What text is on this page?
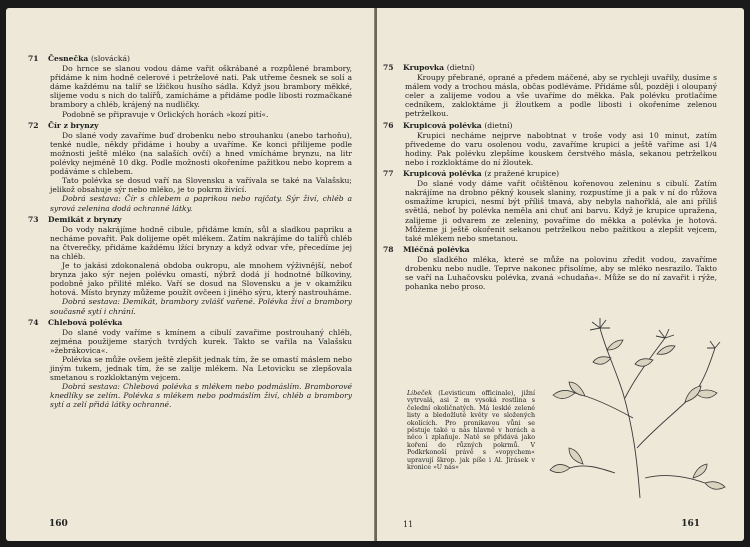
71 Česnečka (slovácká)

Do hrnce se slanou vodou dáme vařit oškrábané a rozpůlené brambory, přidáme k nim hodně celerové i petrželové nati. Pak utřeme česnek se solí a dáme každému na talíř se lžičkou husího sádla. Když jsou brambory měkké, slijeme vodu s nich do talířů, zamícháme a přidáme podle libosti rozmačkané brambory a chléb, krájený na nudličky.

Podobně se připravuje v Orlických horách »kozí pití«.

72 Čír z brynzy

Do slané vody zavaříme buď drobenku nebo strouhanku (anebo tarhoňu), tenké nudle, někdy přidáme i houby a uvaříme. Ke konci přilijeme podle možnosti ještě mléko (na salaších ovčí) a hned vmícháme brynzu, na litr polévky nejméně 10 dkg. Podle možnosti okořeníme pažitkou nebo koprem a podáváme s chlebem.

Tato polévka se dosud vaří na Slovensku a vařívala se také na Valašsku; jelikož obsahuje sýr nebo mléko, je to pokrm živící.

Dobrá sestava: Čír s chlebem a paprikou nebo rajčaty. Sýr živí, chléb a syrová zelenina dodá ochranné látky.

73 Demikát z brynzy

Do vody nakrájíme hodně cibule, přidáme kmín, sůl a sladkou papriku a necháme povařit. Pak dolijeme opět mlékem. Zatím nakrájíme do talířů chléb na čtverečky, přidáme každému lžíci brynzy a když odvar vře, přecedíme jej na chléb.

Je to jakási zdokonalená obdoba oukropu, ale mnohem výživnější, neboť brynza jako sýr nejen polévku omastí, nýbrž dodá jí hodnotné bílkoviny, podobně jako přilité mléko. Vaří se dosud na Slovensku a je v okamžiku hotová. Místo brynzy můžeme použít ovčeen i jiného sýru, který nastrouháme.

Dobrá sestava: Demikát, brambory zvlášť vařené. Polévka živí a brambory současně sytí i chrání.

74 Chlebová polévka

Do slané vody vaříme s kmínem a cibulí zavařime postrouhaný chléb, zejména použijeme starých tvrdých kurek. Takto se vařila na Valašsku »žebrákovica«.

Polévka se může ovšem ještě zlepšit jednak tím, že se omastí máslem nebo jiným tukem, jednak tím, že se zalije mlékem. Na Letovicku se zlepšovala smetanou s rozkloktaným vejcem.

Dobrá sestava: Chlebová polévka s mlékem nebo podmáslím. Bramborové knedlíky se zelím. Polévka s mlékem nebo podmáslím živí, chléb a brambory sytí a zelí přidá látky ochranné.

160
75 Krupovka (dietní)

Kroupy přebrané, oprané a předem máčené, aby se rychleji uvařily, dusíme s málem vody a trochou másla, občas podléváme. Přidáme sůl, později i oloupaný celer a zalijeme vodou a vše uvaříme do měkka. Pak polévku protlačíme cedníkem, zakloktáme ji žloutkem a podle libosti i okořeníme zelenou petrželkou.

76 Krupicová polévka (dietní)

Krupici necháme nejprve nabobtnat v troše vody asi 10 minut, zatím přivedeme do varu osolenou vodu, zavaříme krupici a ještě vaříme asi 1/4 hodiny. Pak polévku zlepšíme kouskem čerstvého másla, sekanou petrželkou nebo i rozkloktáme do ní žloutek.

77 Krupicová polévka (z pražené krupice)

Do slané vody dáme vařit očištěnou kořenovou zeleninu s cibulí. Zatím nakrájíme na drobno pěkný kousek slaniny, rozpustíme ji a pak v ní do růžova osmažíme krupici, nesmí být příliš tmavá, aby nebyla nahořklá, ale ani příliš světlá, neboť by polévka neměla ani chuť ani barvu. Když je krupice upražena, zalijeme ji odvarem ze zeleniny, povaříme do měkka a polévka je hotová. Můžeme ji ještě okořenit sekanou petrželkou nebo pažitkou a zlepšit vejcem, také mlékem nebo smetanou.

78 Mléčná polévka

Do sladkého mléka, které se může na polovinu zředit vodou, zavaříme drobenku nebo nudle. Teprve nakonec přisolíme, aby se mléko nesrazilo. Takto se vaří na Luhačovsku polévka, zvaná »chudaňa«. Může se do ní zavařit i rýže, pohanka nebo proso.

Libeček (Levisticum officinale), jižní vytrvalá, asi 2 m vysoká rostlina s čelední okoličnatých. Má lesklé zelené listy a bledožluté květy ve složených okolících. Pro pronikavou vůni se pěstuje také u nás hlavně v horách a něco i zplaňuje. Natě se přidává jako koření do různých pokrmů. V Podkrkonoší právě s »vopychem« upravují škrop. jak píše i Al. Jirásek v kronice »U nás«
11	161
